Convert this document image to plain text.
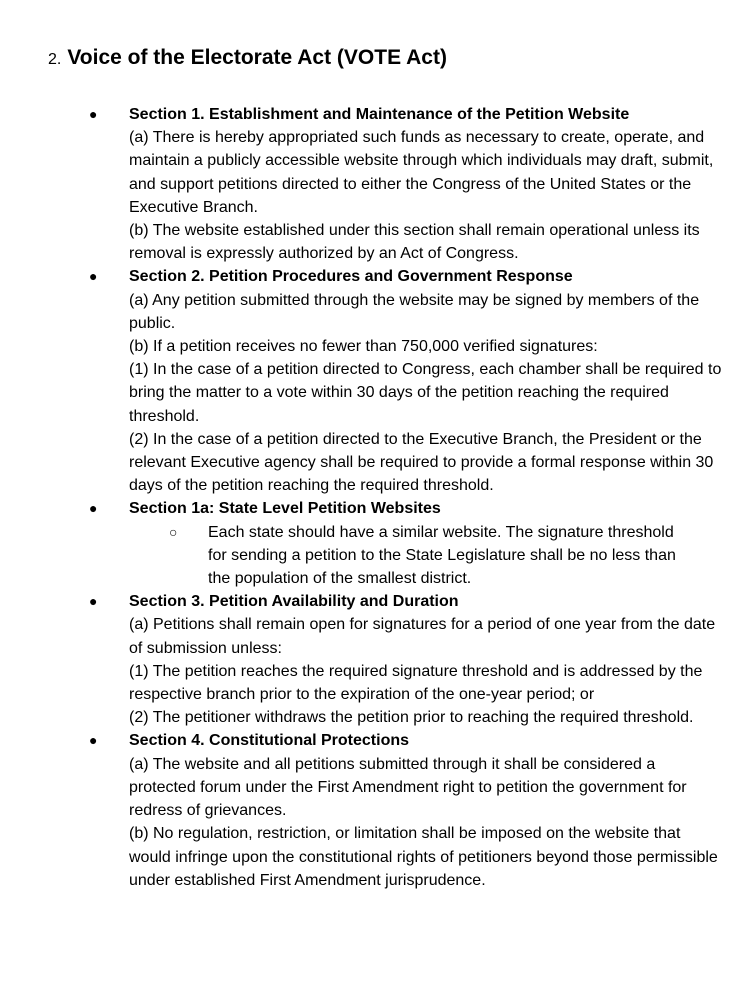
2. Voice of the Electorate Act (VOTE Act)
● Section 1. Establishment and Maintenance of the Petition Website
(a) There is hereby appropriated such funds as necessary to create, operate, and maintain a publicly accessible website through which individuals may draft, submit, and support petitions directed to either the Congress of the United States or the Executive Branch.
(b) The website established under this section shall remain operational unless its removal is expressly authorized by an Act of Congress.
● Section 2. Petition Procedures and Government Response
(a) Any petition submitted through the website may be signed by members of the public.
(b) If a petition receives no fewer than 750,000 verified signatures:
(1) In the case of a petition directed to Congress, each chamber shall be required to bring the matter to a vote within 30 days of the petition reaching the required threshold.
(2) In the case of a petition directed to the Executive Branch, the President or the relevant Executive agency shall be required to provide a formal response within 30 days of the petition reaching the required threshold.
● Section 1a: State Level Petition Websites
○ Each state should have a similar website. The signature threshold for sending a petition to the State Legislature shall be no less than the population of the smallest district.
● Section 3. Petition Availability and Duration
(a) Petitions shall remain open for signatures for a period of one year from the date of submission unless:
(1) The petition reaches the required signature threshold and is addressed by the respective branch prior to the expiration of the one-year period; or
(2) The petitioner withdraws the petition prior to reaching the required threshold.
● Section 4. Constitutional Protections
(a) The website and all petitions submitted through it shall be considered a protected forum under the First Amendment right to petition the government for redress of grievances.
(b) No regulation, restriction, or limitation shall be imposed on the website that would infringe upon the constitutional rights of petitioners beyond those permissible under established First Amendment jurisprudence.
